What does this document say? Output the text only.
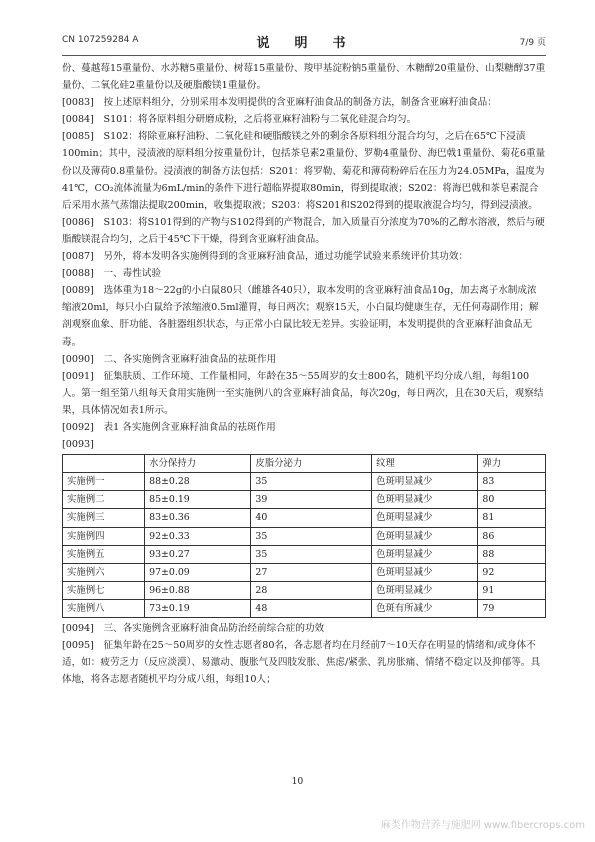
CN 107259284 A	说　明　书	7/9 页

份、蔓越莓15重量份、水苏糖5重量份、树莓15重量份、羧甲基淀粉钠5重量份、木糖醇20重量份、山梨糖醇37重量份、二氧化硅2重量份以及硬脂酸镁1重量份。

[0083]　按上述原料组分，分别采用本发明提供的含亚麻籽油食品的制备方法，制备含亚麻籽油食品：

[0084]　S101：将各原料组分研磨成粉，之后将亚麻籽油粉与二氧化硅混合均匀。

[0085]　S102：将除亚麻籽油粉、二氧化硅和硬脂酸镁之外的剩余各原料组分混合均匀，之后在65℃下浸渍100min；其中，浸渍液的原料组分按重量份计，包括茶皂素2重量份、罗勒4重量份、海巴戟1重量份、菊花6重量份以及薄荷0.8重量份。浸渍液的制备方法包括：S201：将罗勒、菊花和薄荷粉碎后在压力为24.05MPa，温度为41℃，CO₂流体流量为6mL/min的条件下进行超临界提取80min，得到提取液；S202：将海巴戟和茶皂素混合后采用水蒸气蒸馏法提取200min，收集提取液；S203：将S201和S202得到的提取液混合均匀，得到浸渍液。

[0086]　S103：将S101得到的产物与S102得到的产物混合，加入质量百分浓度为70%的乙醇水溶液，然后与硬脂酸镁混合均匀，之后于45℃下干燥，得到含亚麻籽油食品。

[0087]　另外，将本发明各实施例得到的含亚麻籽油食品，通过功能学试验来系统评价其功效：

[0088]　一、毒性试验

[0089]　选体重为18～22g的小白鼠80只（雌雄各40只），取本发明的含亚麻籽油食品10g，加去离子水制成浓缩液20ml，每只小白鼠给予浓缩液0.5ml灌胃，每日两次；观察15天，小白鼠均健康生存，无任何毒副作用；解剖观察血象、肝功能、各脏器组织状态，与正常小白鼠比较无差异。实验证明，本发明提供的含亚麻籽油食品无毒。

[0090]　二、各实施例含亚麻籽油食品的祛斑作用

[0091]　征集肤质、工作环境、工作量相同，年龄在35～55周岁的女士800名，随机平均分成八组，每组100人。第一组至第八组每天食用实施例一至实施例八的含亚麻籽油食品，每次20g，每日两次，且在30天后，观察结果，具体情况如表1所示。

[0092]　表1 各实施例含亚麻籽油食品的祛斑作用

[0093]

	水分保持力	皮脂分泌力	纹理	弹力
实施例一	88±0.28	35	色斑明显减少	83
实施例二	85±0.19	39	色斑明显减少	80
实施例三	83±0.36	40	色斑明显减少	81
实施例四	92±0.33	35	色斑明显减少	86
实施例五	93±0.27	35	色斑明显减少	88
实施例六	97±0.09	27	色斑明显减少	92
实施例七	96±0.88	28	色斑明显减少	91
实施例八	73±0.19	48	色斑有所减少	79

[0094]　三、各实施例含亚麻籽油食品防治经前综合症的功效

[0095]　征集年龄在25～50周岁的女性志愿者80名，各志愿者均在月经前7～10天存在明显的情绪和/或身体不适，如：疲劳乏力（反应淡漠）、易激动、腹胀气及四肢发胀、焦虑/紧张、乳房胀痛、情绪不稳定以及抑郁等。具体地，将各志愿者随机平均分成八组，每组10人；

10
麻类作物营养与施肥网 www.fibercrops.com
